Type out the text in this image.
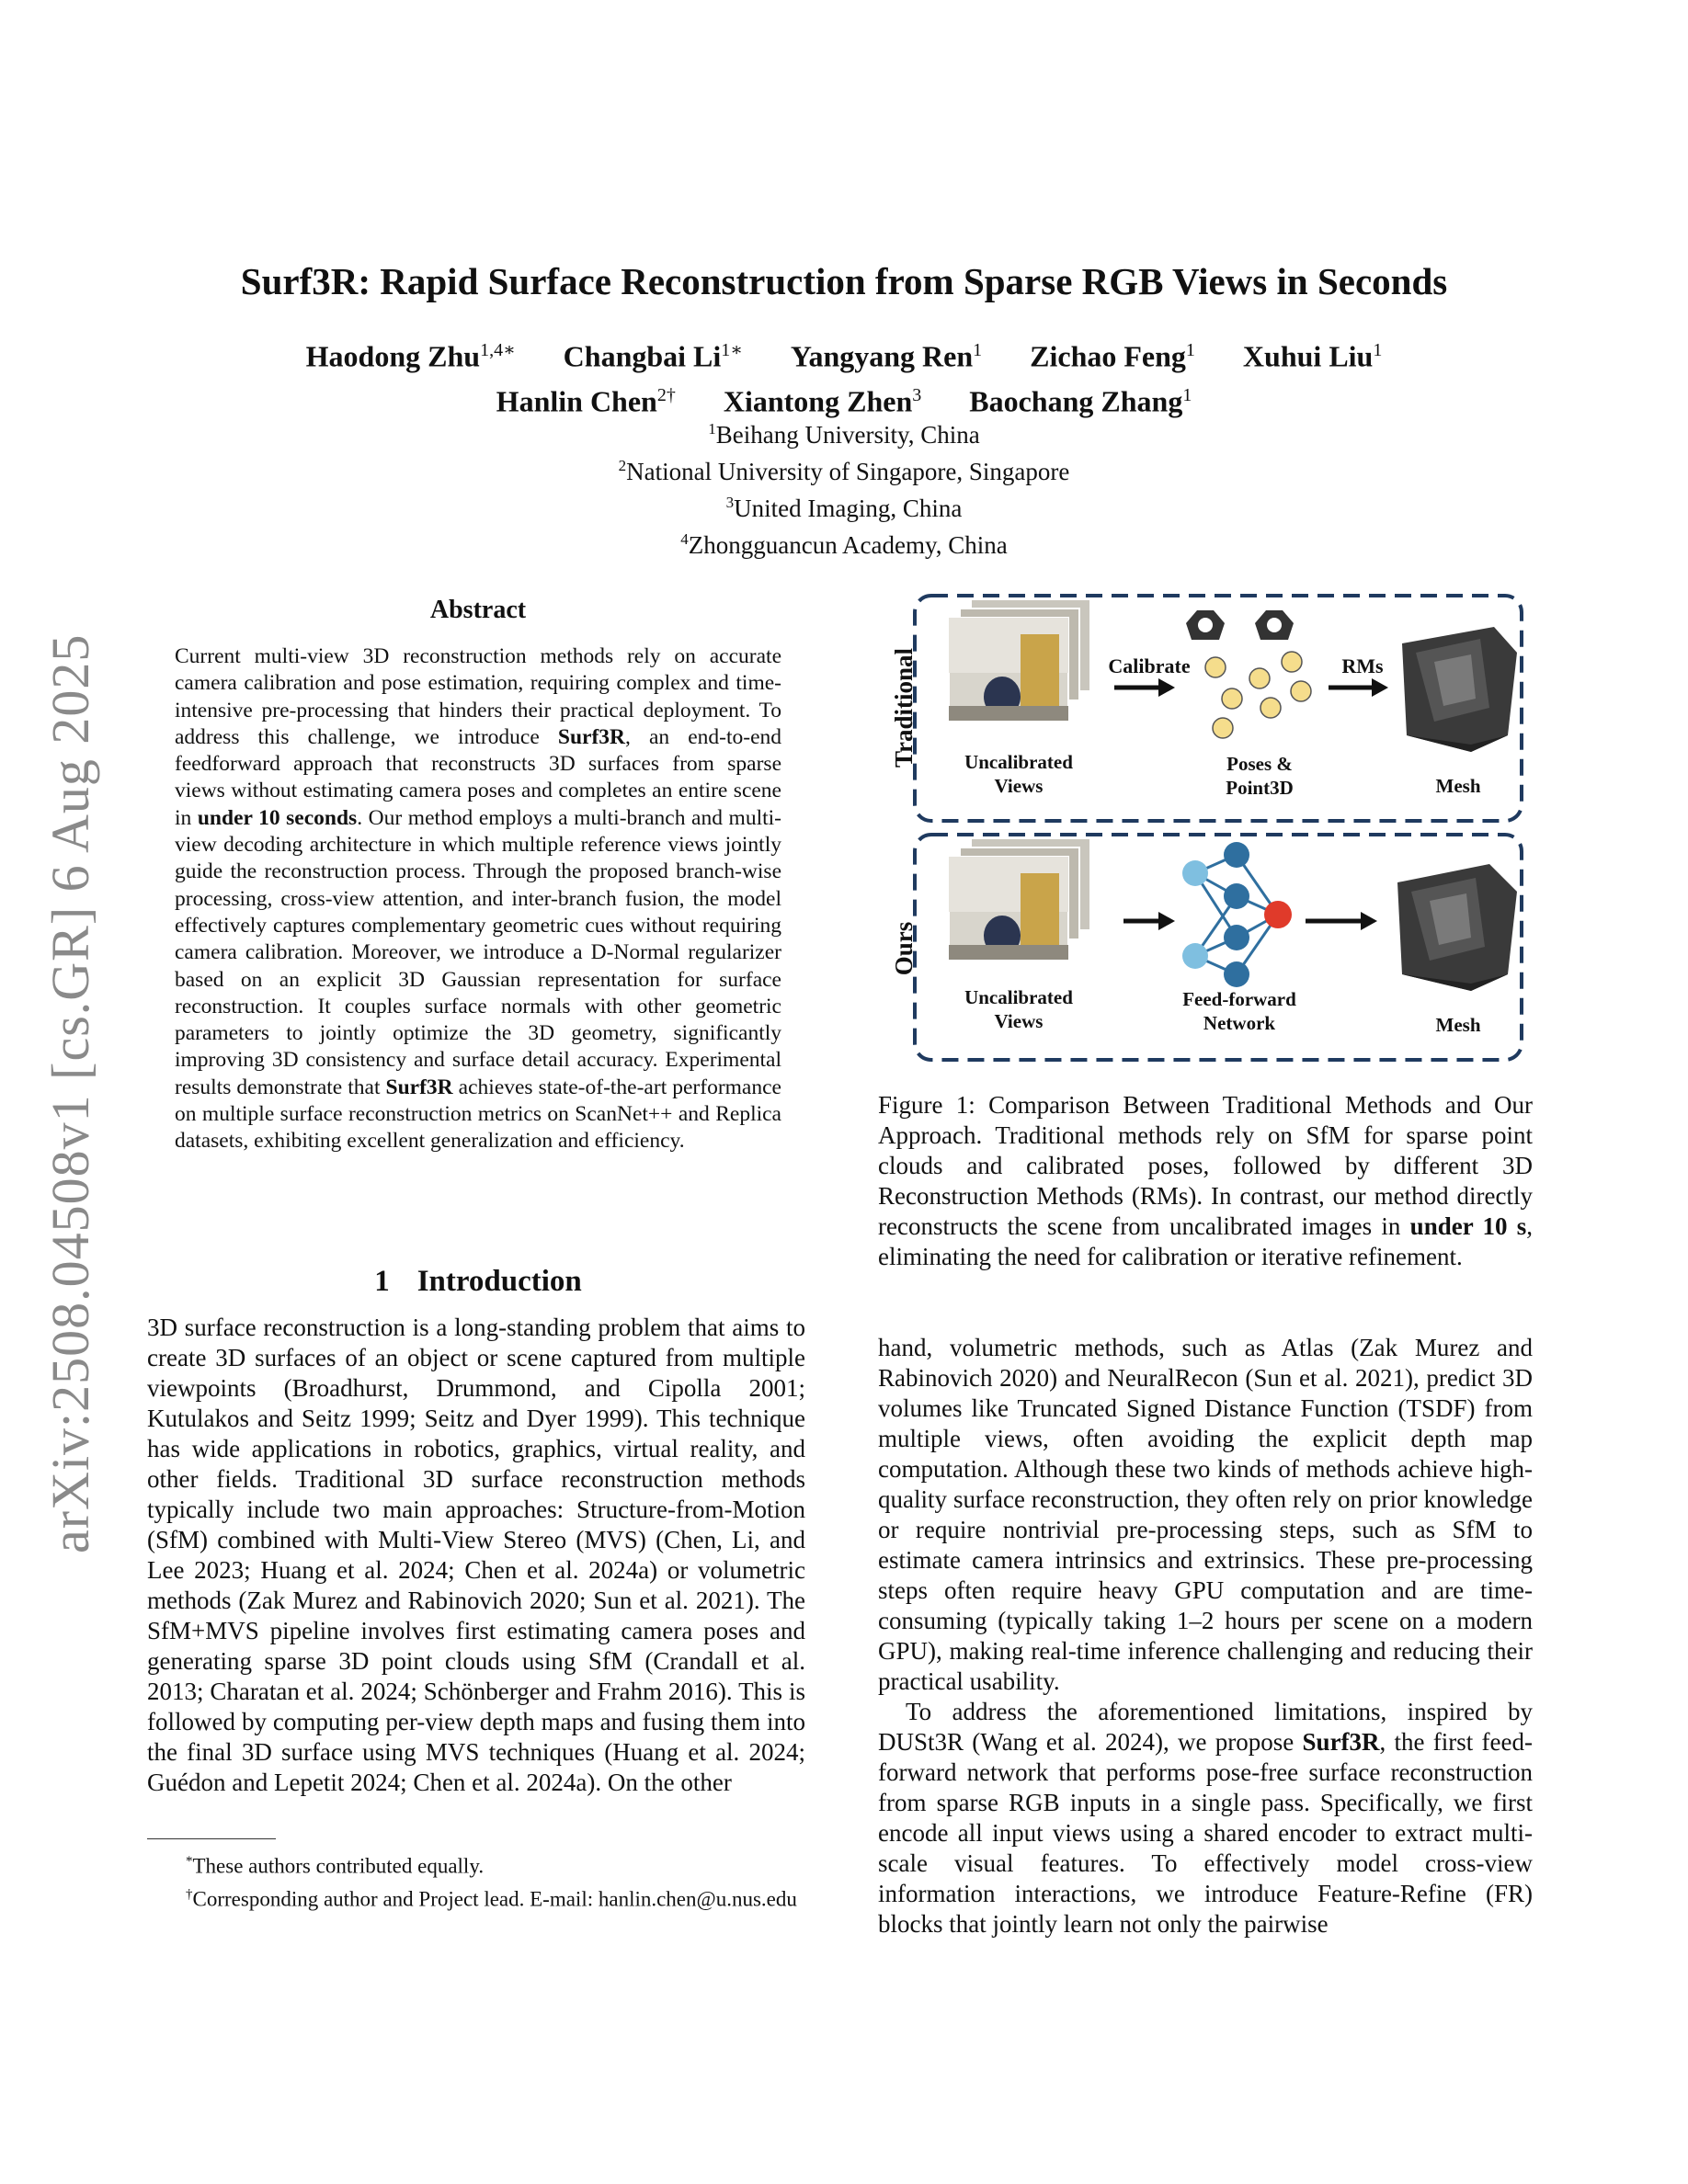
arXiv:2508.04508v1 [cs.GR] 6 Aug 2025
Surf3R: Rapid Surface Reconstruction from Sparse RGB Views in Seconds
Haodong Zhu$^{1,4∗}$ Changbai $Li^{1∗}$ Yangyang Ren$^1$ Zichao Feng$^1$ Xuhui Liu$^1$
Hanlin Chen$^{2\dagger}$ Xiantong Zhen$^3$ Baochang Zhang$^1$
$^1$Beihang University, China
$^2$National University of Singapore, Singapore
$^3$United Imaging, China
$^4$Zhongguancun Academy, China
Abstract
Current multi-view 3D reconstruction methods rely on accurate camera calibration and pose estimation, requiring complex and time-intensive pre-processing that hinders their practical deployment. To address this challenge, we introduce Surf3R, an end-to-end feedforward approach that reconstructs 3D surfaces from sparse views without estimating camera poses and completes an entire scene in under 10 seconds. Our method employs a multi-branch and multi-view decoding architecture in which multiple reference views jointly guide the reconstruction process. Through the proposed branch-wise processing, cross-view attention, and inter-branch fusion, the model effectively captures complementary geometric cues without requiring camera calibration. Moreover, we introduce a D-Normal regularizer based on an explicit 3D Gaussian representation for surface reconstruction. It couples surface normals with other geometric parameters to jointly optimize the 3D geometry, significantly improving 3D consistency and surface detail accuracy. Experimental results demonstrate that Surf3R achieves state-of-the-art performance on multiple surface reconstruction metrics on ScanNet++ and Replica datasets, exhibiting excellent generalization and efficiency.
1 Introduction

3D surface reconstruction is a long-standing problem that aims to create 3D surfaces of an object or scene captured from multiple viewpoints (Broadhurst, Drummond, and Cipolla 2001; Kutulakos and Seitz 1999; Seitz and Dyer 1999). This technique has wide applications in robotics, graphics, virtual reality, and other fields. Traditional 3D surface reconstruction methods typically include two main approaches: Structure-from-Motion (SfM) combined with Multi-View Stereo (MVS) (Chen, Li, and Lee 2023; Huang et al. 2024; Chen et al. 2024a) or volumetric methods (Zak Murez and Rabinovich 2020; Sun et al. 2021). The SfM+MVS pipeline involves first estimating camera poses and generating sparse 3D point clouds using SfM (Crandall et al. 2013; Charatan et al. 2024; Schönberger and Frahm 2016). This is followed by computing per-view depth maps and fusing them into the final 3D surface using MVS techniques (Huang et al. 2024; Guédon and Lepetit 2024; Chen et al. 2024a). On the other

*These authors contributed equally.

†Corresponding author and Project lead. E-mail: hanlin.chen@u.nus.edu

Traditional
Ours
Uncalibrated
Views
Calibrate
Poses &
Point3D
RMs
Mesh
Uncalibrated
Views
Feed-forward
Network	Mesh
Figure 1: Comparison Between Traditional Methods and Our Approach. Traditional methods rely on SfM for sparse point clouds and calibrated poses, followed by different 3D Reconstruction Methods (RMs). In contrast, our method directly reconstructs the scene from uncalibrated images in under 10 s, eliminating the need for calibration or iterative refinement.

hand, volumetric methods, such as Atlas (Zak Murez and Rabinovich 2020) and NeuralRecon (Sun et al. 2021), predict 3D volumes like Truncated Signed Distance Function (TSDF) from multiple views, often avoiding the explicit depth map computation. Although these two kinds of methods achieve high-quality surface reconstruction, they often rely on prior knowledge or require nontrivial pre-processing steps, such as SfM to estimate camera intrinsics and extrinsics. These pre-processing steps often require heavy GPU computation and are time-consuming (typically taking 1–2 hours per scene on a modern GPU), making real-time inference challenging and reducing their practical usability.

To address the aforementioned limitations, inspired by DUSt3R (Wang et al. 2024), we propose Surf3R, the first feed-forward network that performs pose-free surface reconstruction from sparse RGB inputs in a single pass. Specifically, we first encode all input views using a shared encoder to extract multi-scale visual features. To effectively model cross-view information interactions, we introduce Feature-Refine (FR) blocks that jointly learn not only the pairwise
